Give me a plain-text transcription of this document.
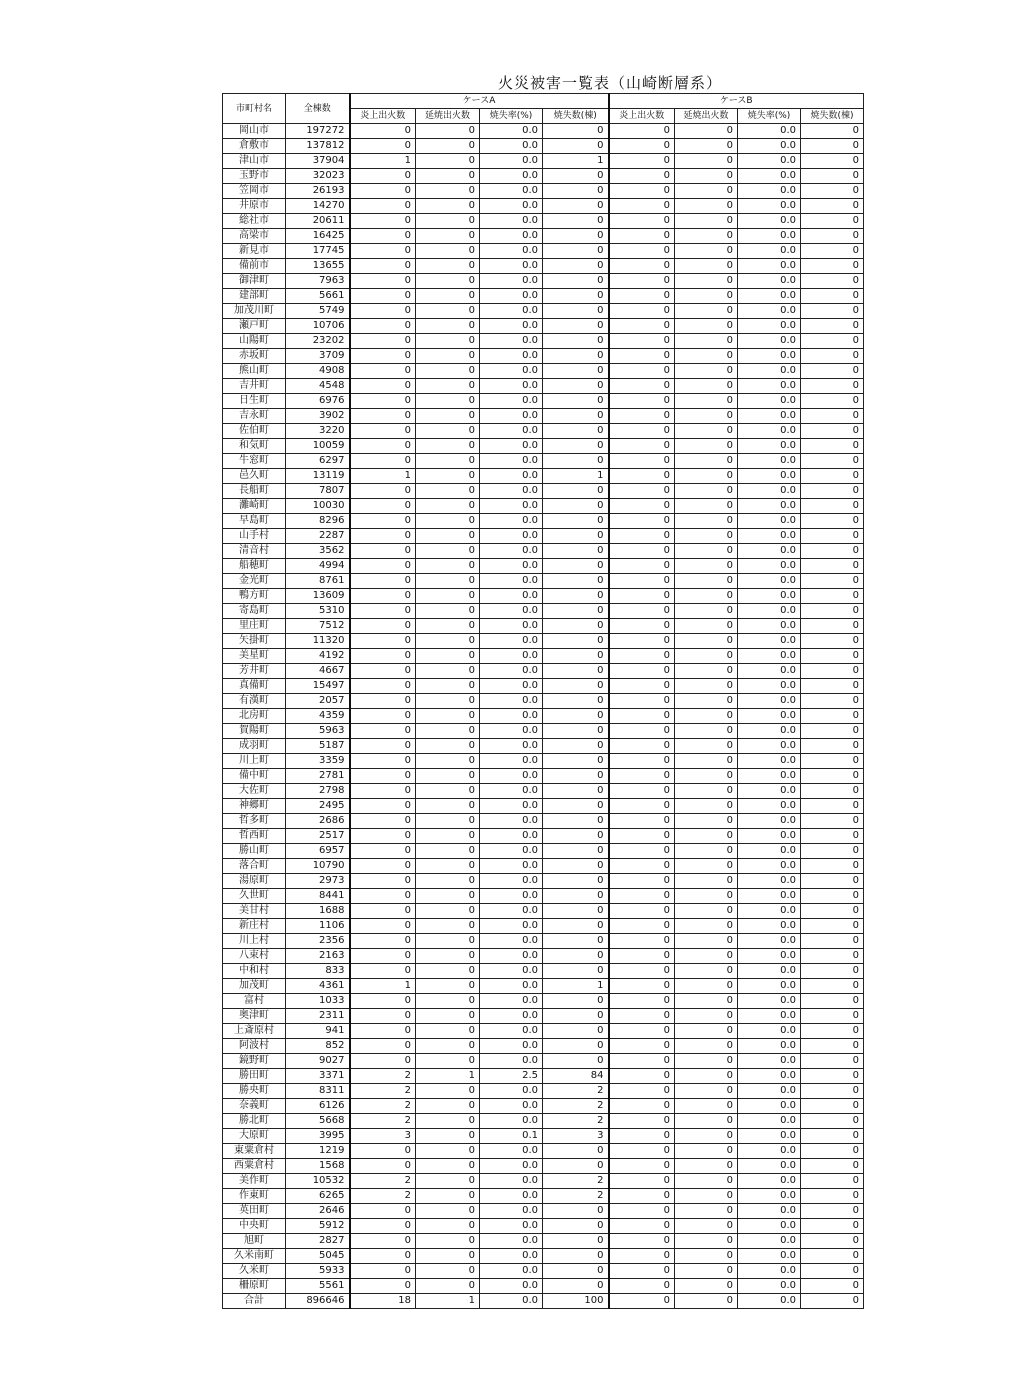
火災被害一覧表（山崎断層系）
市町村名	全棟数	ケースA				ケースB			
		炎上出火数	延焼出火数	焼失率(%)	焼失数(棟)	炎上出火数	延焼出火数	焼失率(%)	焼失数(棟)
岡山市	197272	0	0	0.0	0	0	0	0.0	0
倉敷市	137812	0	0	0.0	0	0	0	0.0	0
津山市	37904	1	0	0.0	1	0	0	0.0	0
玉野市	32023	0	0	0.0	0	0	0	0.0	0
笠岡市	26193	0	0	0.0	0	0	0	0.0	0
井原市	14270	0	0	0.0	0	0	0	0.0	0
総社市	20611	0	0	0.0	0	0	0	0.0	0
高梁市	16425	0	0	0.0	0	0	0	0.0	0
新見市	17745	0	0	0.0	0	0	0	0.0	0
備前市	13655	0	0	0.0	0	0	0	0.0	0
御津町	7963	0	0	0.0	0	0	0	0.0	0
建部町	5661	0	0	0.0	0	0	0	0.0	0
加茂川町	5749	0	0	0.0	0	0	0	0.0	0
瀬戸町	10706	0	0	0.0	0	0	0	0.0	0
山陽町	23202	0	0	0.0	0	0	0	0.0	0
赤坂町	3709	0	0	0.0	0	0	0	0.0	0
熊山町	4908	0	0	0.0	0	0	0	0.0	0
吉井町	4548	0	0	0.0	0	0	0	0.0	0
日生町	6976	0	0	0.0	0	0	0	0.0	0
吉永町	3902	0	0	0.0	0	0	0	0.0	0
佐伯町	3220	0	0	0.0	0	0	0	0.0	0
和気町	10059	0	0	0.0	0	0	0	0.0	0
牛窓町	6297	0	0	0.0	0	0	0	0.0	0
邑久町	13119	1	0	0.0	1	0	0	0.0	0
長船町	7807	0	0	0.0	0	0	0	0.0	0
灘崎町	10030	0	0	0.0	0	0	0	0.0	0
早島町	8296	0	0	0.0	0	0	0	0.0	0
山手村	2287	0	0	0.0	0	0	0	0.0	0
清音村	3562	0	0	0.0	0	0	0	0.0	0
船穂町	4994	0	0	0.0	0	0	0	0.0	0
金光町	8761	0	0	0.0	0	0	0	0.0	0
鴨方町	13609	0	0	0.0	0	0	0	0.0	0
寄島町	5310	0	0	0.0	0	0	0	0.0	0
里庄町	7512	0	0	0.0	0	0	0	0.0	0
矢掛町	11320	0	0	0.0	0	0	0	0.0	0
美星町	4192	0	0	0.0	0	0	0	0.0	0
芳井町	4667	0	0	0.0	0	0	0	0.0	0
真備町	15497	0	0	0.0	0	0	0	0.0	0
有漢町	2057	0	0	0.0	0	0	0	0.0	0
北房町	4359	0	0	0.0	0	0	0	0.0	0
賀陽町	5963	0	0	0.0	0	0	0	0.0	0
成羽町	5187	0	0	0.0	0	0	0	0.0	0
川上町	3359	0	0	0.0	0	0	0	0.0	0
備中町	2781	0	0	0.0	0	0	0	0.0	0
大佐町	2798	0	0	0.0	0	0	0	0.0	0
神郷町	2495	0	0	0.0	0	0	0	0.0	0
哲多町	2686	0	0	0.0	0	0	0	0.0	0
哲西町	2517	0	0	0.0	0	0	0	0.0	0
勝山町	6957	0	0	0.0	0	0	0	0.0	0
落合町	10790	0	0	0.0	0	0	0	0.0	0
湯原町	2973	0	0	0.0	0	0	0	0.0	0
久世町	8441	0	0	0.0	0	0	0	0.0	0
美甘村	1688	0	0	0.0	0	0	0	0.0	0
新庄村	1106	0	0	0.0	0	0	0	0.0	0
川上村	2356	0	0	0.0	0	0	0	0.0	0
八束村	2163	0	0	0.0	0	0	0	0.0	0
中和村	833	0	0	0.0	0	0	0	0.0	0
加茂町	4361	1	0	0.0	1	0	0	0.0	0
富村	1033	0	0	0.0	0	0	0	0.0	0
奥津町	2311	0	0	0.0	0	0	0	0.0	0
上斎原村	941	0	0	0.0	0	0	0	0.0	0
阿波村	852	0	0	0.0	0	0	0	0.0	0
鏡野町	9027	0	0	0.0	0	0	0	0.0	0
勝田町	3371	2	1	2.5	84	0	0	0.0	0
勝央町	8311	2	0	0.0	2	0	0	0.0	0
奈義町	6126	2	0	0.0	2	0	0	0.0	0
勝北町	5668	2	0	0.0	2	0	0	0.0	0
大原町	3995	3	0	0.1	3	0	0	0.0	0
東粟倉村	1219	0	0	0.0	0	0	0	0.0	0
西粟倉村	1568	0	0	0.0	0	0	0	0.0	0
美作町	10532	2	0	0.0	2	0	0	0.0	0
作東町	6265	2	0	0.0	2	0	0	0.0	0
英田町	2646	0	0	0.0	0	0	0	0.0	0
中央町	5912	0	0	0.0	0	0	0	0.0	0
旭町	2827	0	0	0.0	0	0	0	0.0	0
久米南町	5045	0	0	0.0	0	0	0	0.0	0
久米町	5933	0	0	0.0	0	0	0	0.0	0
柵原町	5561	0	0	0.0	0	0	0	0.0	0
合計	896646	18	1	0.0	100	0	0	0.0	0
